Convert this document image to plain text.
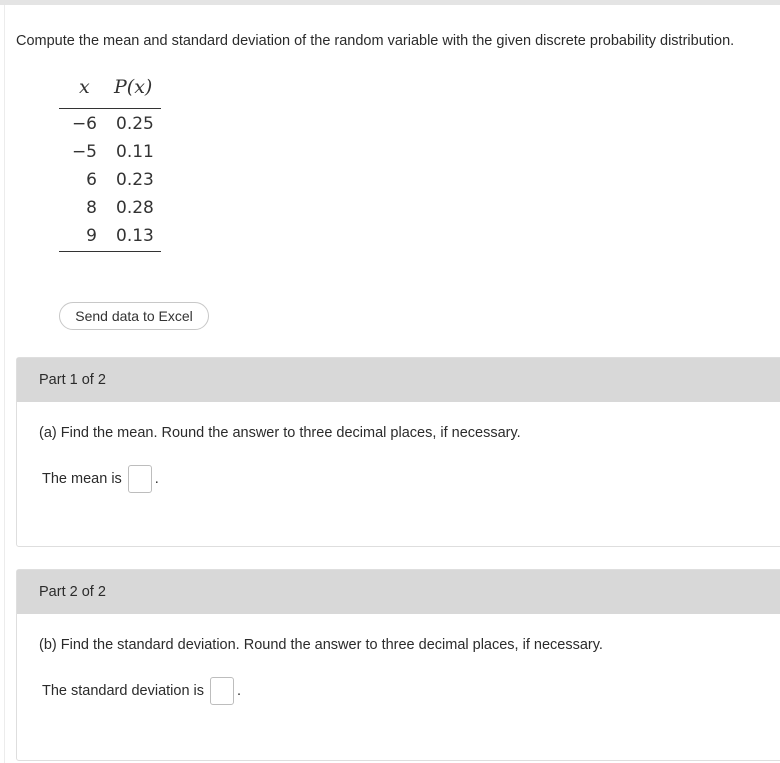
Compute the mean and standard deviation of the random variable with the given discrete probability distribution.
x P(x)
−6 0.25
−5 0.11
6 0.23
8 0.28
9 0.13
Send data to Excel
Part 1 of 2
(a) Find the mean. Round the answer to three decimal places, if necessary.
The mean is .
Part 2 of 2
(b) Find the standard deviation. Round the answer to three decimal places, if necessary.
The standard deviation is .
